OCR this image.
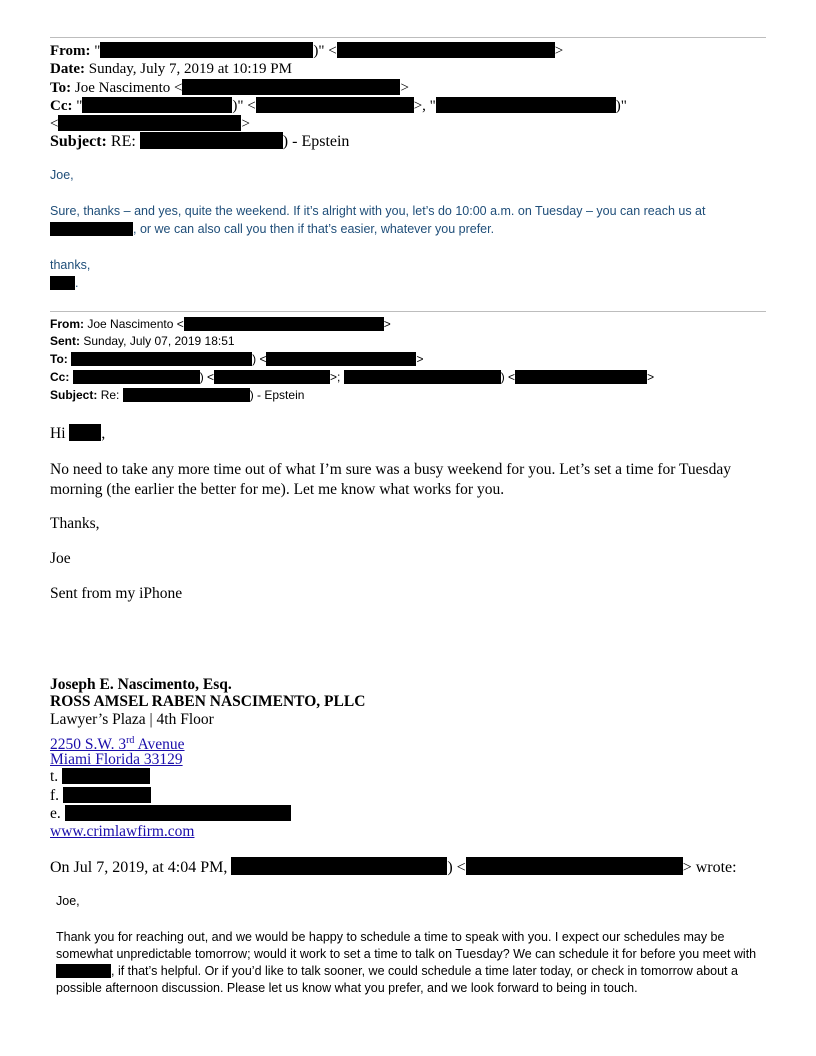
From: "	)" <	>
Date: Sunday, July 7, 2019 at 10:19 PM
To: Joe Nascimento <	>
Cc: "	)" <	>, "	)"
<	>
Subject: RE:	) - Epstein
Joe,
Sure, thanks – and yes, quite the weekend. If it’s alright with you, let’s do 10:00 a.m. on Tuesday – you can reach us at
, or we can also call you then if that’s easier, whatever you prefer.
thanks,
.
From: Joe Nascimento <	>
Sent: Sunday, July 07, 2019 18:51
To:	) <	>
Cc:	) <	>;	) <	>
Subject: Re:	) - Epstein
Hi ,
No need to take any more time out of what I’m sure was a busy weekend for you. Let’s set a time for Tuesday morning (the earlier the better for me). Let me know what works for you.
Thanks,
Joe
Sent from my iPhone
Joseph E. Nascimento, Esq.
ROSS AMSEL RABEN NASCIMENTO, PLLC
Lawyer’s Plaza | 4th Floor
2250 S.W. 3rd Avenue
Miami Florida 33129
t.
f.
e.
www.crimlawfirm.com
On Jul 7, 2019, at 4:04 PM,	) <	> wrote:
Joe,
Thank you for reaching out, and we would be happy to schedule a time to speak with you. I expect our schedules may be somewhat unpredictable tomorrow; would it work to set a time to talk on Tuesday? We can schedule it for before you meet with, if that’s helpful. Or if you’d like to talk sooner, we could schedule a time later today, or check in tomorrow about a possible afternoon discussion. Please let us know what you prefer, and we look forward to being in touch.
